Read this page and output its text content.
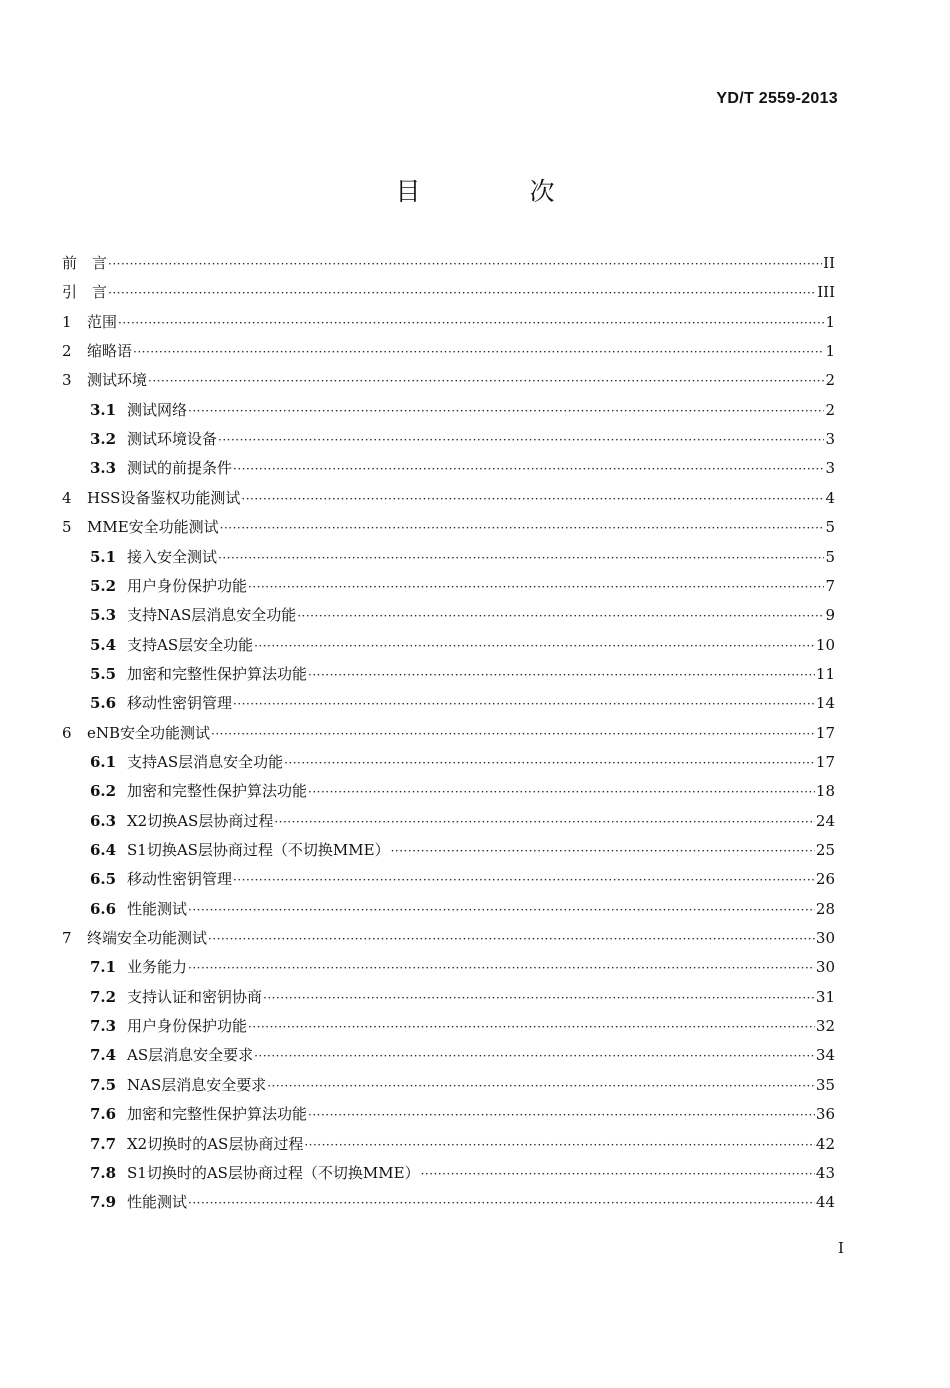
YD/T 2559-2013
目　次
前　言 ·····	II
引　言 ·····	III
1	范围 ·····	1
2	缩略语 ·····	1
3	测试环境 ·····	2
3.1 测试网络 ·····	2
3.2 测试环境设备 ·····	3
3.3 测试的前提条件 ·····	3
4	HSS设备鉴权功能测试 ·····	4
5	MME安全功能测试 ·····	5
5.1 接入安全测试 ·····	5
5.2 用户身份保护功能 ·····	7
5.3 支持NAS层消息安全功能 ·····	9
5.4 支持AS层安全功能 ·····	10
5.5 加密和完整性保护算法功能 ·····	11
5.6 移动性密钥管理 ·····	14
6	eNB安全功能测试 ·····	17
6.1 支持AS层消息安全功能 ·····	17
6.2 加密和完整性保护算法功能 ·····	18
6.3 X2切换AS层协商过程 ·····	24
6.4 S1切换AS层协商过程（不切换MME） ·····	25
6.5 移动性密钥管理 ·····	26
6.6 性能测试 ·····	28
7	终端安全功能测试 ·····	30
7.1 业务能力 ·····	30
7.2 支持认证和密钥协商 ·····	31
7.3 用户身份保护功能 ·····	32
7.4 AS层消息安全要求 ·····	34
7.5 NAS层消息安全要求 ·····	35
7.6 加密和完整性保护算法功能 ·····	36
7.7 X2切换时的AS层协商过程 ·····	42
7.8 S1切换时的AS层协商过程（不切换MME） ·····	43
7.9 性能测试 ·····	44
I
